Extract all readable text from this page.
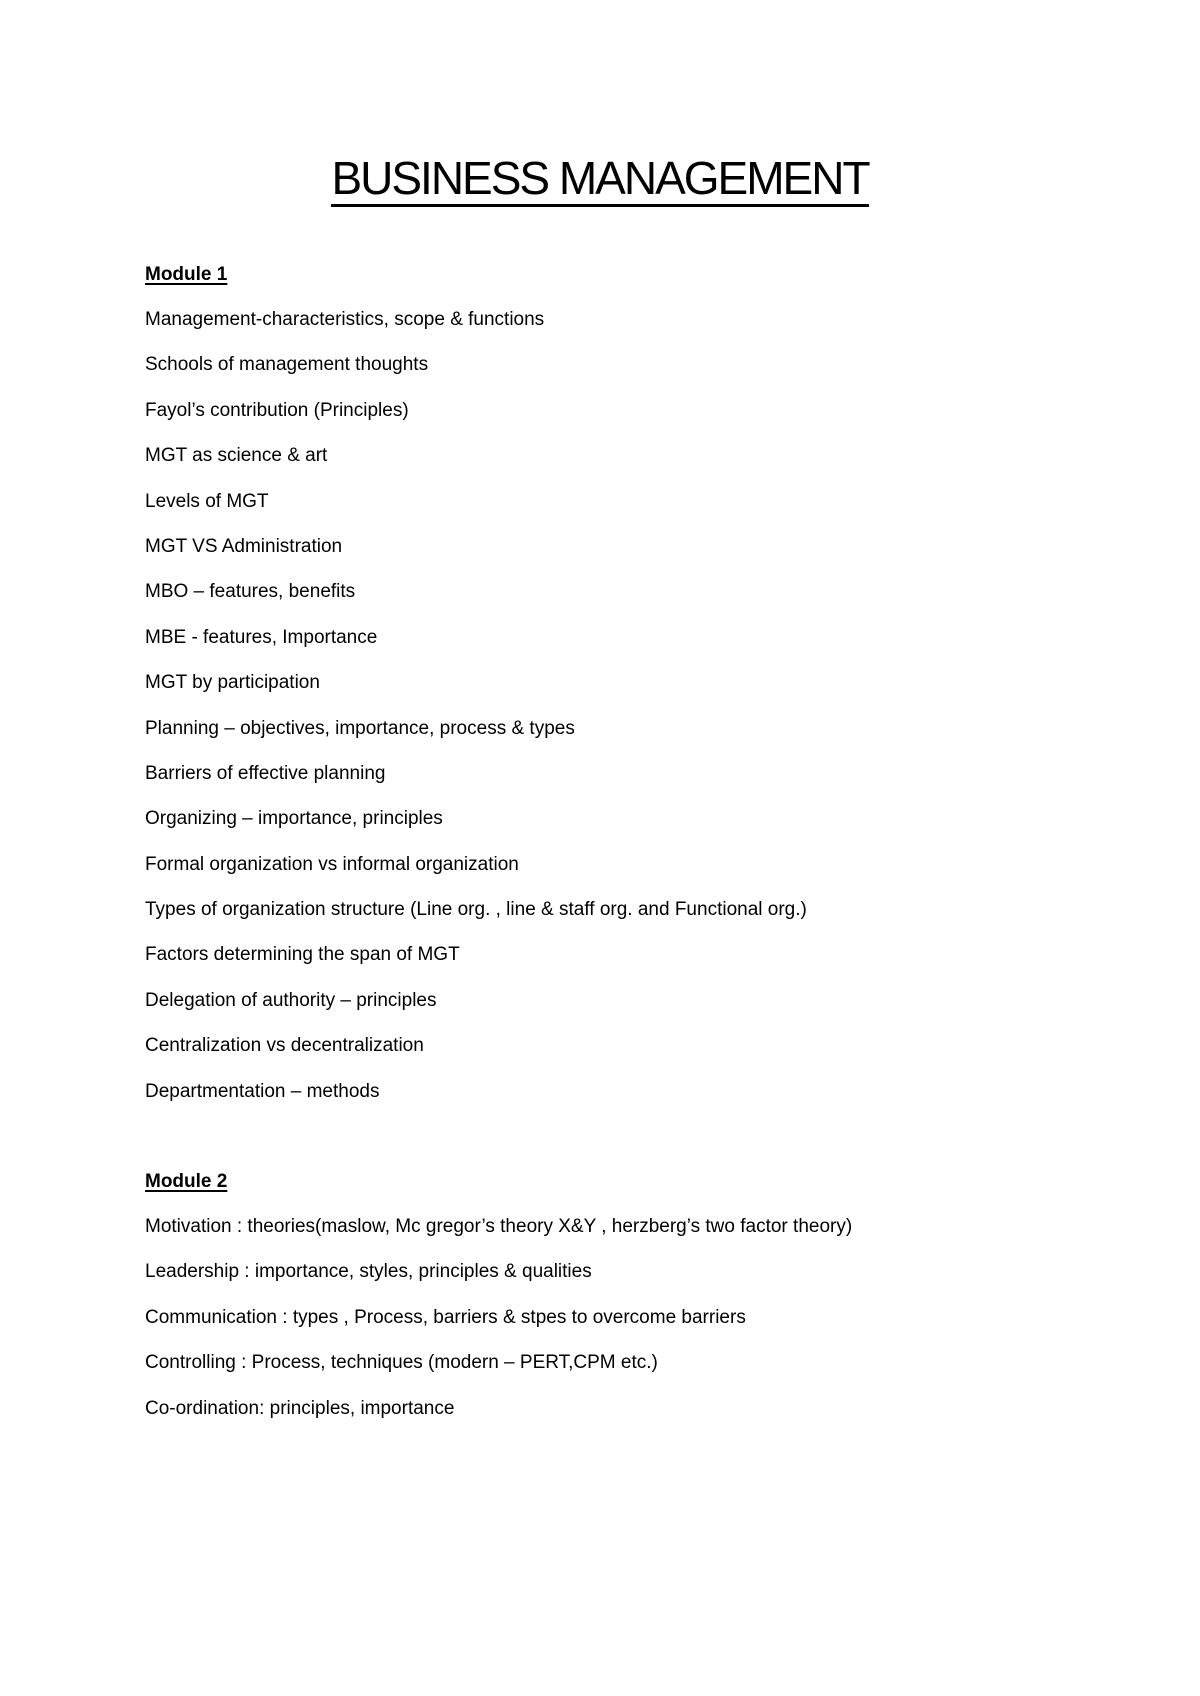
BUSINESS MANAGEMENT
Module 1
Management-characteristics, scope & functions
Schools of management thoughts
Fayol’s contribution (Principles)
MGT as science & art
Levels of MGT
MGT VS Administration
MBO – features, benefits
MBE - features, Importance
MGT by participation
Planning – objectives, importance, process & types
Barriers of effective planning
Organizing – importance, principles
Formal organization vs informal organization
Types of organization structure (Line org. , line & staff org. and Functional org.)
Factors determining the span of MGT
Delegation of authority – principles
Centralization vs decentralization
Departmentation – methods
Module 2
Motivation : theories(maslow, Mc gregor’s theory X&Y , herzberg’s two factor theory)
Leadership : importance, styles, principles & qualities
Communication : types , Process, barriers & stpes to overcome barriers
Controlling : Process, techniques (modern – PERT,CPM etc.)
Co-ordination: principles, importance
